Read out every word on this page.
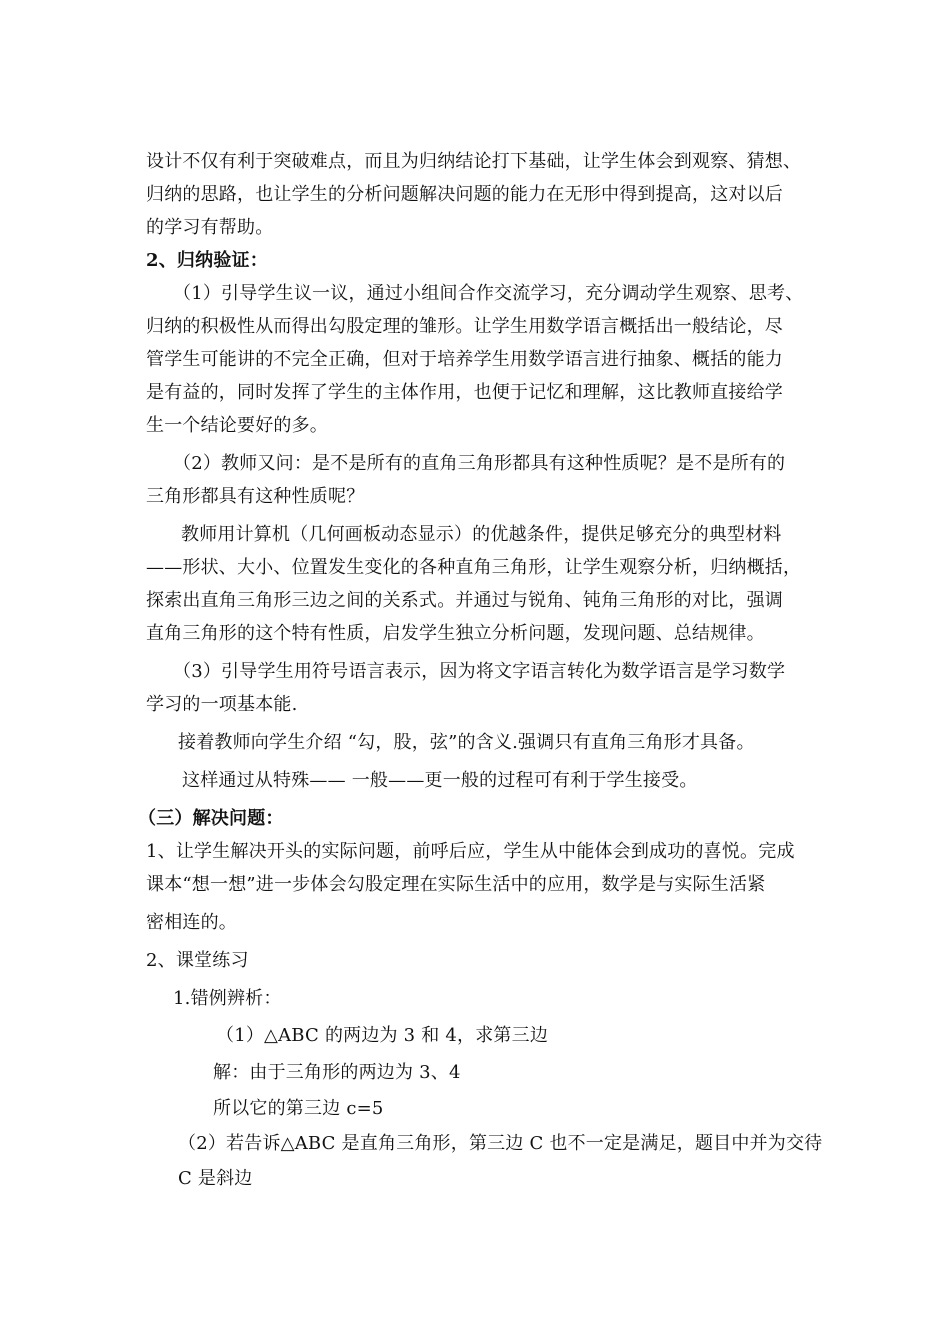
设计不仅有利于突破难点，而且为归纳结论打下基础，让学生体会到观察、猜想、
归纳的思路，也让学生的分析问题解决问题的能力在无形中得到提高，这对以后
的学习有帮助。
2、归纳验证：
（1）引导学生议一议，通过小组间合作交流学习，充分调动学生观察、思考、
归纳的积极性从而得出勾股定理的雏形。让学生用数学语言概括出一般结论，尽
管学生可能讲的不完全正确，但对于培养学生用数学语言进行抽象、概括的能力
是有益的，同时发挥了学生的主体作用，也便于记忆和理解，这比教师直接给学
生一个结论要好的多。
（2）教师又问：是不是所有的直角三角形都具有这种性质呢？是不是所有的
三角形都具有这种性质呢？
教师用计算机（几何画板动态显示）的优越条件，提供足够充分的典型材料
——形状、大小、位置发生变化的各种直角三角形，让学生观察分析，归纳概括，
探索出直角三角形三边之间的关系式。并通过与锐角、钝角三角形的对比，强调
直角三角形的这个特有性质，启发学生独立分析问题，发现问题、总结规律。
（3）引导学生用符号语言表示，因为将文字语言转化为数学语言是学习数学
学习的一项基本能.
接着教师向学生介绍 “勾，股，弦”的含义.强调只有直角三角形才具备。
这样通过从特殊—— 一般——更一般的过程可有利于学生接受。
（三）解决问题：
1、让学生解决开头的实际问题，前呼后应，学生从中能体会到成功的喜悦。完成
课本“想一想”进一步体会勾股定理在实际生活中的应用，数学是与实际生活紧
密相连的。
2、课堂练习
1.错例辨析：
（1）△ABC 的两边为 3 和 4，求第三边
解：由于三角形的两边为 3、4
所以它的第三边 c=5
（2）若告诉△ABC 是直角三角形，第三边 C 也不一定是满足，题目中并为交待
C 是斜边
